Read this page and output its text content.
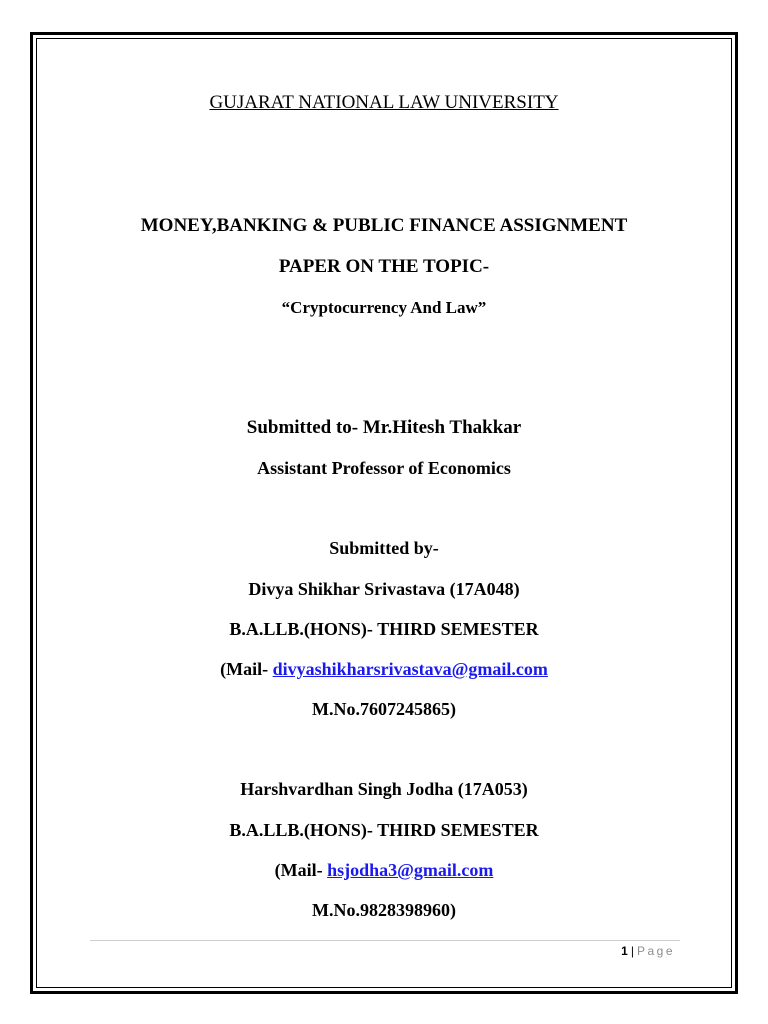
GUJARAT NATIONAL LAW UNIVERSITY
MONEY,BANKING & PUBLIC FINANCE ASSIGNMENT
PAPER ON THE TOPIC-
“Cryptocurrency And Law”
Submitted to- Mr.Hitesh Thakkar
Assistant Professor of Economics
Submitted by-
Divya Shikhar Srivastava (17A048)
B.A.LLB.(HONS)- THIRD SEMESTER
(Mail- divyashikharsrivastava@gmail.com
M.No.7607245865)
Harshvardhan Singh Jodha (17A053)
B.A.LLB.(HONS)- THIRD SEMESTER
(Mail- hsjodha3@gmail.com
M.No.9828398960)
1 | Page
